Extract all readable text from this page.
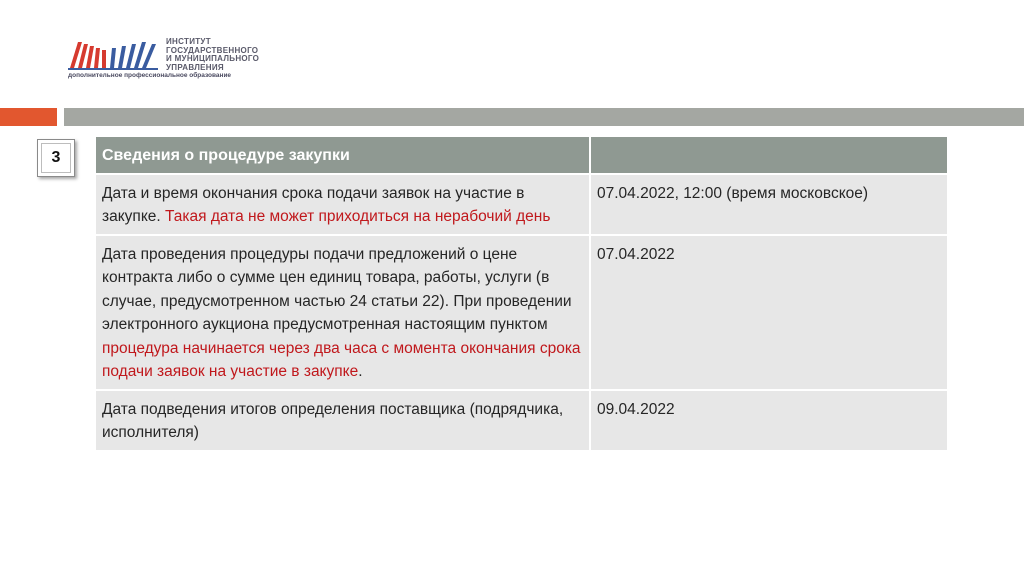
ИНСТИТУТ
ГОСУДАРСТВЕННОГО
И МУНИЦИПАЛЬНОГО
УПРАВЛЕНИЯ
дополнительное профессиональное образование
3	Сведения о процедуре закупки	
Дата и время окончания срока подачи заявок на участие в закупке. Такая дата не может приходиться на нерабочий день	07.04.2022, 12:00 (время московское)
Дата проведения процедуры подачи предложений о цене контракта либо о сумме цен единиц товара, работы, услуги (в случае, предусмотренном частью 24 статьи 22). При проведении электронного аукциона предусмотренная настоящим пунктом процедура начинается через два часа с момента окончания срока подачи заявок на участие в закупке.	07.04.2022
Дата подведения итогов определения поставщика (подрядчика, исполнителя)	09.04.2022
